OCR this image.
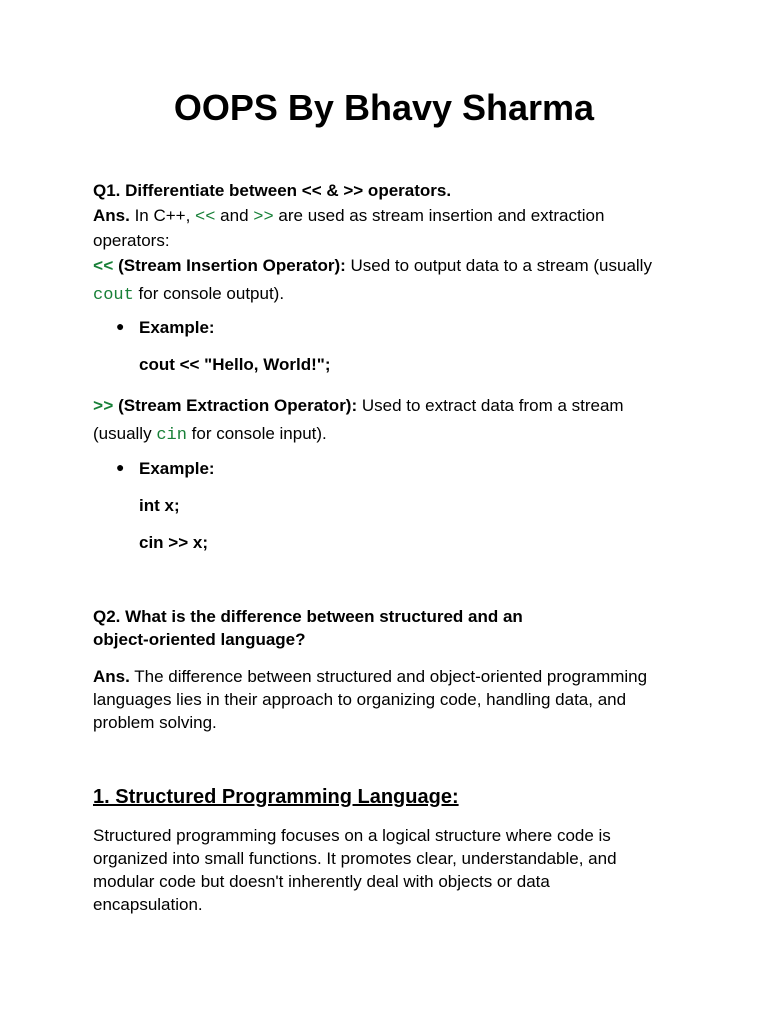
OOPS By Bhavy Sharma

Q1. Differentiate between << & >> operators.

Ans. In C++, << and >> are used as stream insertion and extraction operators:

<< (Stream Insertion Operator): Used to output data to a stream (usually cout for console output).

● Example:

cout << "Hello, World!";

>> (Stream Extraction Operator): Used to extract data from a stream (usually cin for console input).

● Example:

int x;

cin >> x;

Q2. What is the difference between structured and an object-oriented language?

Ans. The difference between structured and object-oriented programming languages lies in their approach to organizing code, handling data, and problem solving.

1. Structured Programming Language:

Structured programming focuses on a logical structure where code is organized into small functions. It promotes clear, understandable, and modular code but doesn't inherently deal with objects or data encapsulation.
